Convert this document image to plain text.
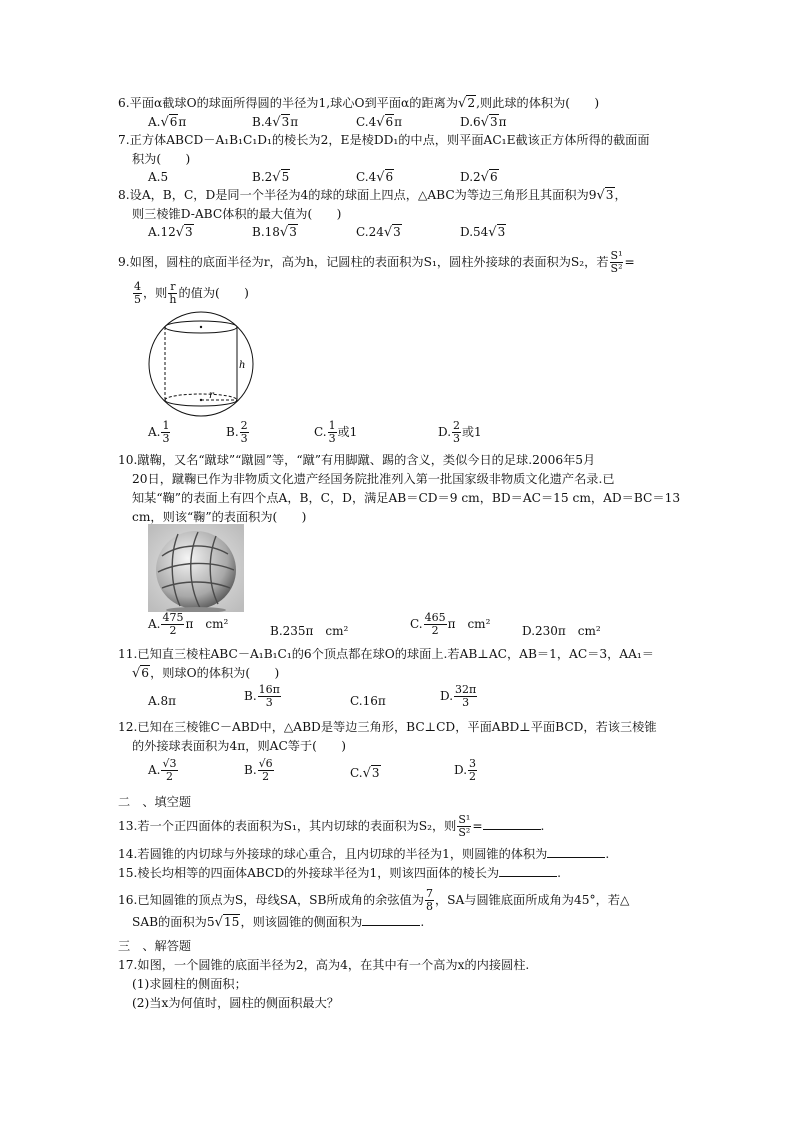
6.平面α截球O的球面所得圆的半径为1,球心O到平面α的距离为√2,则此球的体积为(　　)

A.√6π	B.4√3π	C.4√6π	D.6√3π

7.正方体ABCD－A₁B₁C₁D₁的棱长为2，E是棱DD₁的中点，则平面AC₁E截该正方体所得的截面面

积为(　　)

A.5	B.2√5	C.4√6	D.2√6

8.设A，B，C，D是同一个半径为4的球的球面上四点，△ABC为等边三角形且其面积为9√3，

则三棱锥D-ABC体积的最大值为(　　)

A.12√3	B.18√3	C.24√3	D.54√3

9.如图，圆柱的底面半径为r，高为h，记圆柱的表面积为S₁，圆柱外接球的表面积为S₂，若 $\frac{\text{S¹}}{\text{S²}}$ =

$\frac{4}{5}$ ，则 $\frac{r}{h}$ 的值为(　　)

h
r
A. $\frac{1}{3}$	B. $\frac{2}{3}$	C. $\frac{1}{3}$ 或1	D. $\frac{2}{3}$ 或1

10.蹴鞠，又名“蹴球”“蹴圆”等，“蹴”有用脚蹴、踢的含义，类似今日的足球.2006年5月

20日，蹴鞠已作为非物质文化遗产经国务院批准列入第一批国家级非物质文化遗产名录.已

知某“鞠”的表面上有四个点A，B，C，D，满足AB＝CD＝9 cm，BD＝AC＝15 cm，AD＝BC＝13

cm，则该“鞠”的表面积为(　　)

A. $\frac{475}{2}$ π　cm²	B.235π　cm²	C. $\frac{465}{2}$ π　cm²	D.230π　cm²

11.已知直三棱柱ABC－A₁B₁C₁的6个顶点都在球O的球面上.若AB⊥AC，AB＝1，AC＝3，AA₁＝

√6，则球O的体积为(　　)

A.8π	B. $\frac{16\pi}{3}$	C.16π	D. $\frac{32\pi}{3}$

12.已知在三棱锥C－ABD中，△ABD是等边三角形，BC⊥CD，平面ABD⊥平面BCD，若该三棱锥

的外接球表面积为4π，则AC等于(　　)

A. $\frac{√3}{2}$	B. $\frac{√6}{2}$	C.√3	D. $\frac{3}{2}$
二　、填空题

13.若一个正四面体的表面积为S₁，其内切球的表面积为S₂，则 $\frac{\text{S¹}}{\text{S²}}$ =	.

14.若圆锥的内切球与外接球的球心重合，且内切球的半径为1，则圆锥的体积为	.

15.棱长均相等的四面体ABCD的外接球半径为1，则该四面体的棱长为	.

16.已知圆锥的顶点为S，母线SA，SB所成角的余弦值为 $\frac{7}{8}$ ，SA与圆锥底面所成角为45°，若△

SAB的面积为5√15，则该圆锥的侧面积为	.

三　、解答题

17.如图，一个圆锥的底面半径为2，高为4，在其中有一个高为x的内接圆柱.

(1)求圆柱的侧面积；

(2)当x为何值时，圆柱的侧面积最大？
